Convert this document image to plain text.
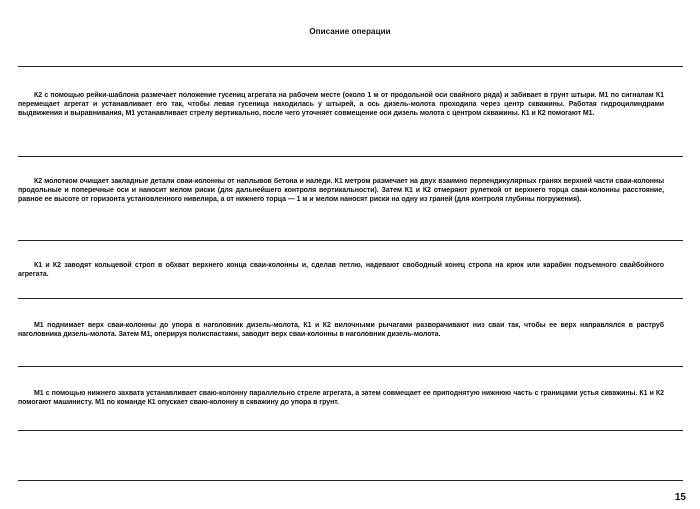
Описание операции
К2 с помощью рейки-шаблона размечает положение гусениц агрегата на рабочем месте (около 1 м от продольной оси свайного ряда) и забивает в грунт штыри. М1 по сигналам К1 перемещает агрегат и устанавливает его так, чтобы левая гусеница находилась у штырей, а ось дизель-молота проходила через центр скважины. Работая гидроцилиндрами выдвижения и выравнивания, М1 устанавливает стрелу вертикально, после чего уточняет совмещение оси дизель молота с центром скважины. К1 и К2 помогают М1.
К2 молотком очищает закладные детали сваи-колонны от наплывов бетона и наледи. К1 метром размечает на двух взаимно перпендикулярных гранях верхней части сваи-колонны продольные и поперечные оси и наносит мелом риски (для дальнейшего контроля вертикальности). Затем К1 и К2 отмеряют рулеткой от верхнего торца сваи-колонны расстояние, равное ее высоте от горизонта установленного нивелира, а от нижнего торца — 1 м и мелом наносят риски на одну из граней (для контроля глубины погружения).
К1 и К2 заводят кольцевой строп в обхват верхнего конца сваи-колонны и, сделав петлю, надевают свободный конец стропа на крюк или карабин подъемного свайбойного агрегата.
М1 поднимает верх сваи-колонны до упора в наголовник дизель-молота, К1 и К2 вилочными рычагами разворачивают низ сваи так, чтобы ее верх направлялся в раструб наголовника дизель-молота. Затем М1, оперируя полиспастами, заводит верх сваи-колонны в наголовник дизель-молота.
М1 с помощью нижнего захвата устанавливает сваю-колонну параллельно стреле агрегата, а затем совмещает ее приподнятую нижнюю часть с границами устья скважины. К1 и К2 помогают машинисту. М1 по команде К1 опускает сваю-колонну в скважину до упора в грунт.
15
